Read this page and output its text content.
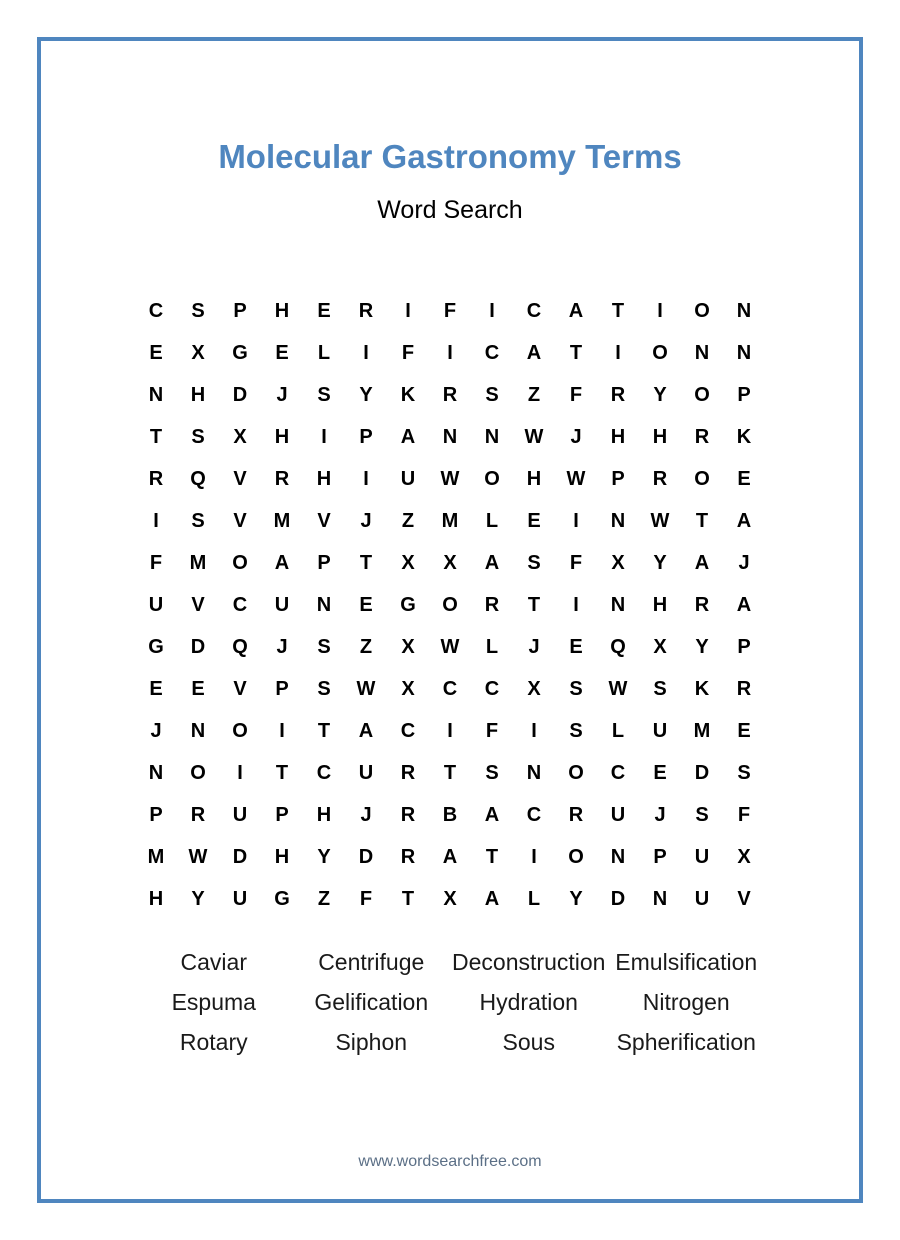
Molecular Gastronomy Terms
Word Search
C	S	P	H	E	R	I	F	I	C	A	T	I	O	N
E	X	G	E	L	I	F	I	C	A	T	I	O	N	N
N	H	D	J	S	Y	K	R	S	Z	F	R	Y	O	P
T	S	X	H	I	P	A	N	N	W	J	H	H	R	K
R	Q	V	R	H	I	U	W	O	H	W	P	R	O	E
I	S	V	M	V	J	Z	M	L	E	I	N	W	T	A
F	M	O	A	P	T	X	X	A	S	F	X	Y	A	J
U	V	C	U	N	E	G	O	R	T	I	N	H	R	A
G	D	Q	J	S	Z	X	W	L	J	E	Q	X	Y	P
E	E	V	P	S	W	X	C	C	X	S	W	S	K	R
J	N	O	I	T	A	C	I	F	I	S	L	U	M	E
N	O	I	T	C	U	R	T	S	N	O	C	E	D	S
P	R	U	P	H	J	R	B	A	C	R	U	J	S	F
M	W	D	H	Y	D	R	A	T	I	O	N	P	U	X
H	Y	U	G	Z	F	T	X	A	L	Y	D	N	U	V
Caviar	Centrifuge	Deconstruction Emulsification
Espuma	Gelification	Hydration	Nitrogen
Rotary	Siphon	Sous	Spherification
www.wordsearchfree.com
